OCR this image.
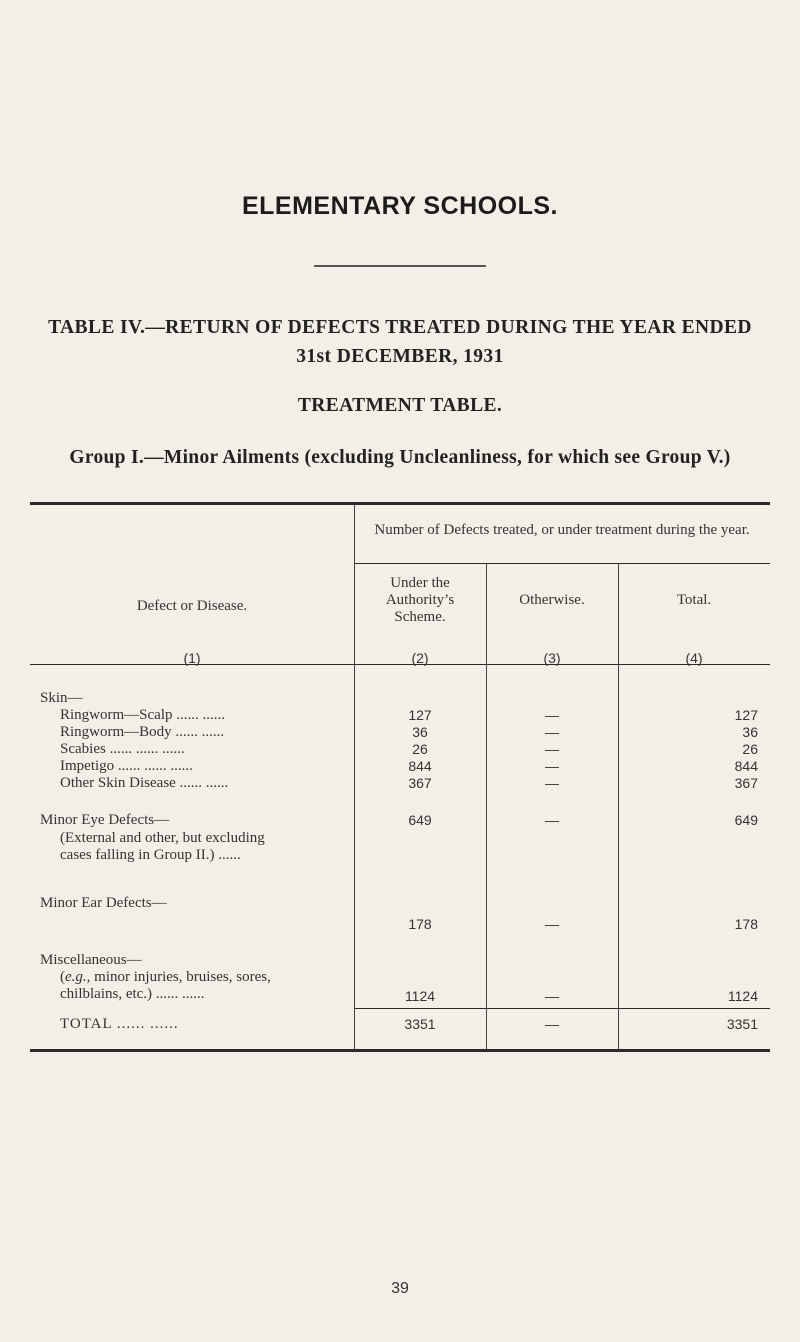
ELEMENTARY SCHOOLS.
TABLE IV.—RETURN OF DEFECTS TREATED DURING THE YEAR ENDED 31st DECEMBER, 1931
TREATMENT TABLE.
Group I.—Minor Ailments (excluding Uncleanliness, for which see Group V.)
Defect or Disease.
(1)
Number of Defects treated, or under treatment during the year.
Under the Authority’s Scheme.
(2)
Otherwise.
(3)
Total.
(4)
Skin—
Ringworm—Scalp ...... ......	127	—	127
Ringworm—Body ...... ......	36	—	36
Scabies ...... ...... ......	26	—	26
Impetigo ...... ...... ......	844	—	844
Other Skin Disease ...... ......	367	—	367
Minor Eye Defects—
(External and other, but excluding
cases falling in Group II.) ......
649	—	649
Minor Ear Defects—
178	—	178
Miscellaneous—
(e.g., minor injuries, bruises, sores,
chilblains, etc.) ...... ......	1124	—	1124
TOTAL ...... ......	3351	—	3351
39
